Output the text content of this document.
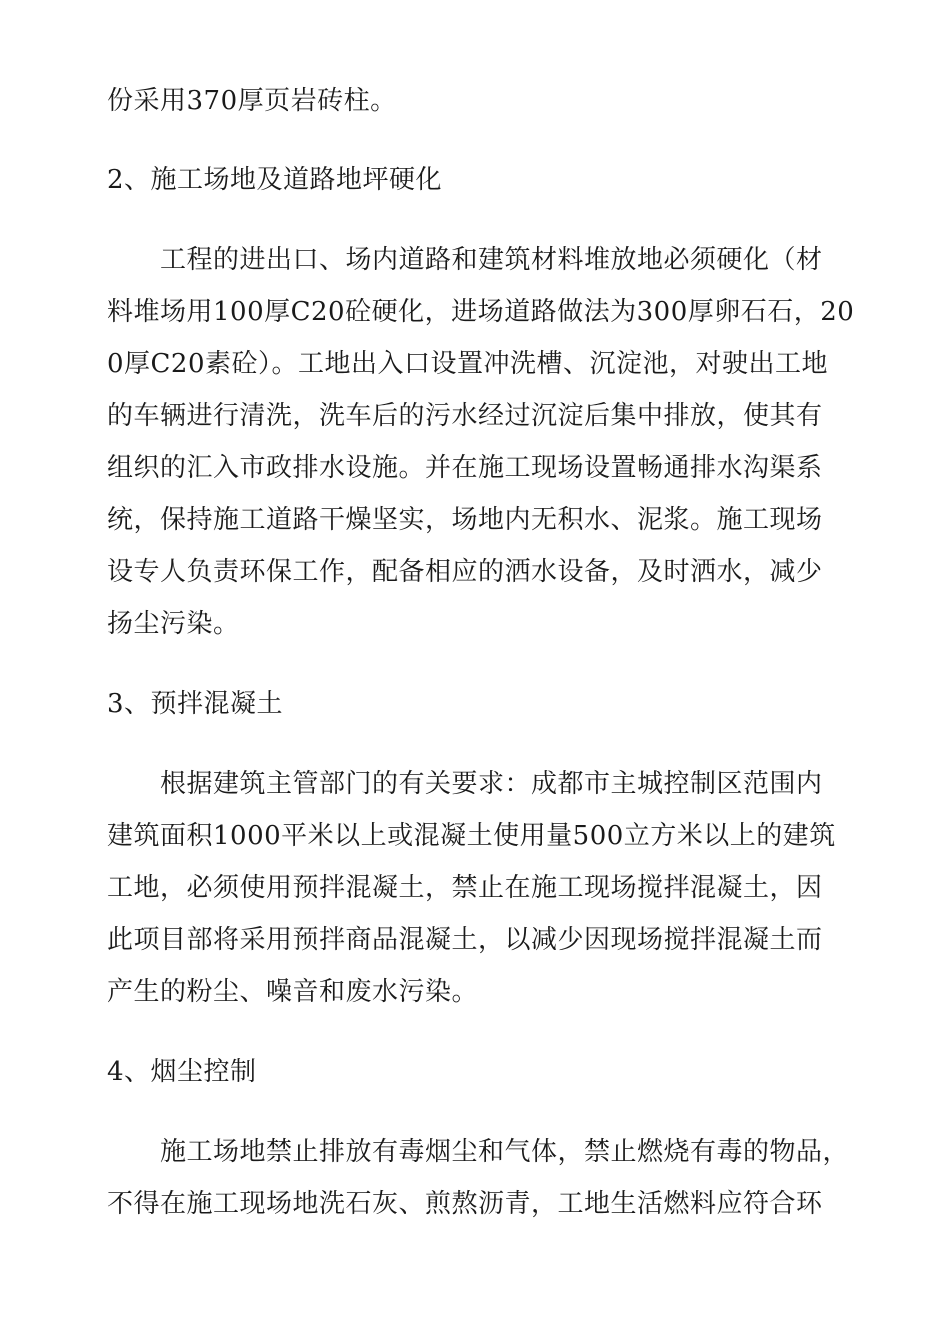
份采用370厚页岩砖柱。
2、施工场地及道路地坪硬化
工程的进出口、场内道路和建筑材料堆放地必须硬化（材
料堆场用100厚C20砼硬化，进场道路做法为300厚卵石石，20
0厚C20素砼）。工地出入口设置冲洗槽、沉淀池，对驶出工地
的车辆进行清洗，洗车后的污水经过沉淀后集中排放，使其有
组织的汇入市政排水设施。并在施工现场设置畅通排水沟渠系
统，保持施工道路干燥坚实，场地内无积水、泥浆。施工现场
设专人负责环保工作，配备相应的洒水设备，及时洒水，减少
扬尘污染。
3、预拌混凝土
根据建筑主管部门的有关要求：成都市主城控制区范围内
建筑面积1000平米以上或混凝土使用量500立方米以上的建筑
工地，必须使用预拌混凝土，禁止在施工现场搅拌混凝土，因
此项目部将采用预拌商品混凝土，以减少因现场搅拌混凝土而
产生的粉尘、噪音和废水污染。
4、烟尘控制
施工场地禁止排放有毒烟尘和气体，禁止燃烧有毒的物品，
不得在施工现场地洗石灰、煎熬沥青，工地生活燃料应符合环
